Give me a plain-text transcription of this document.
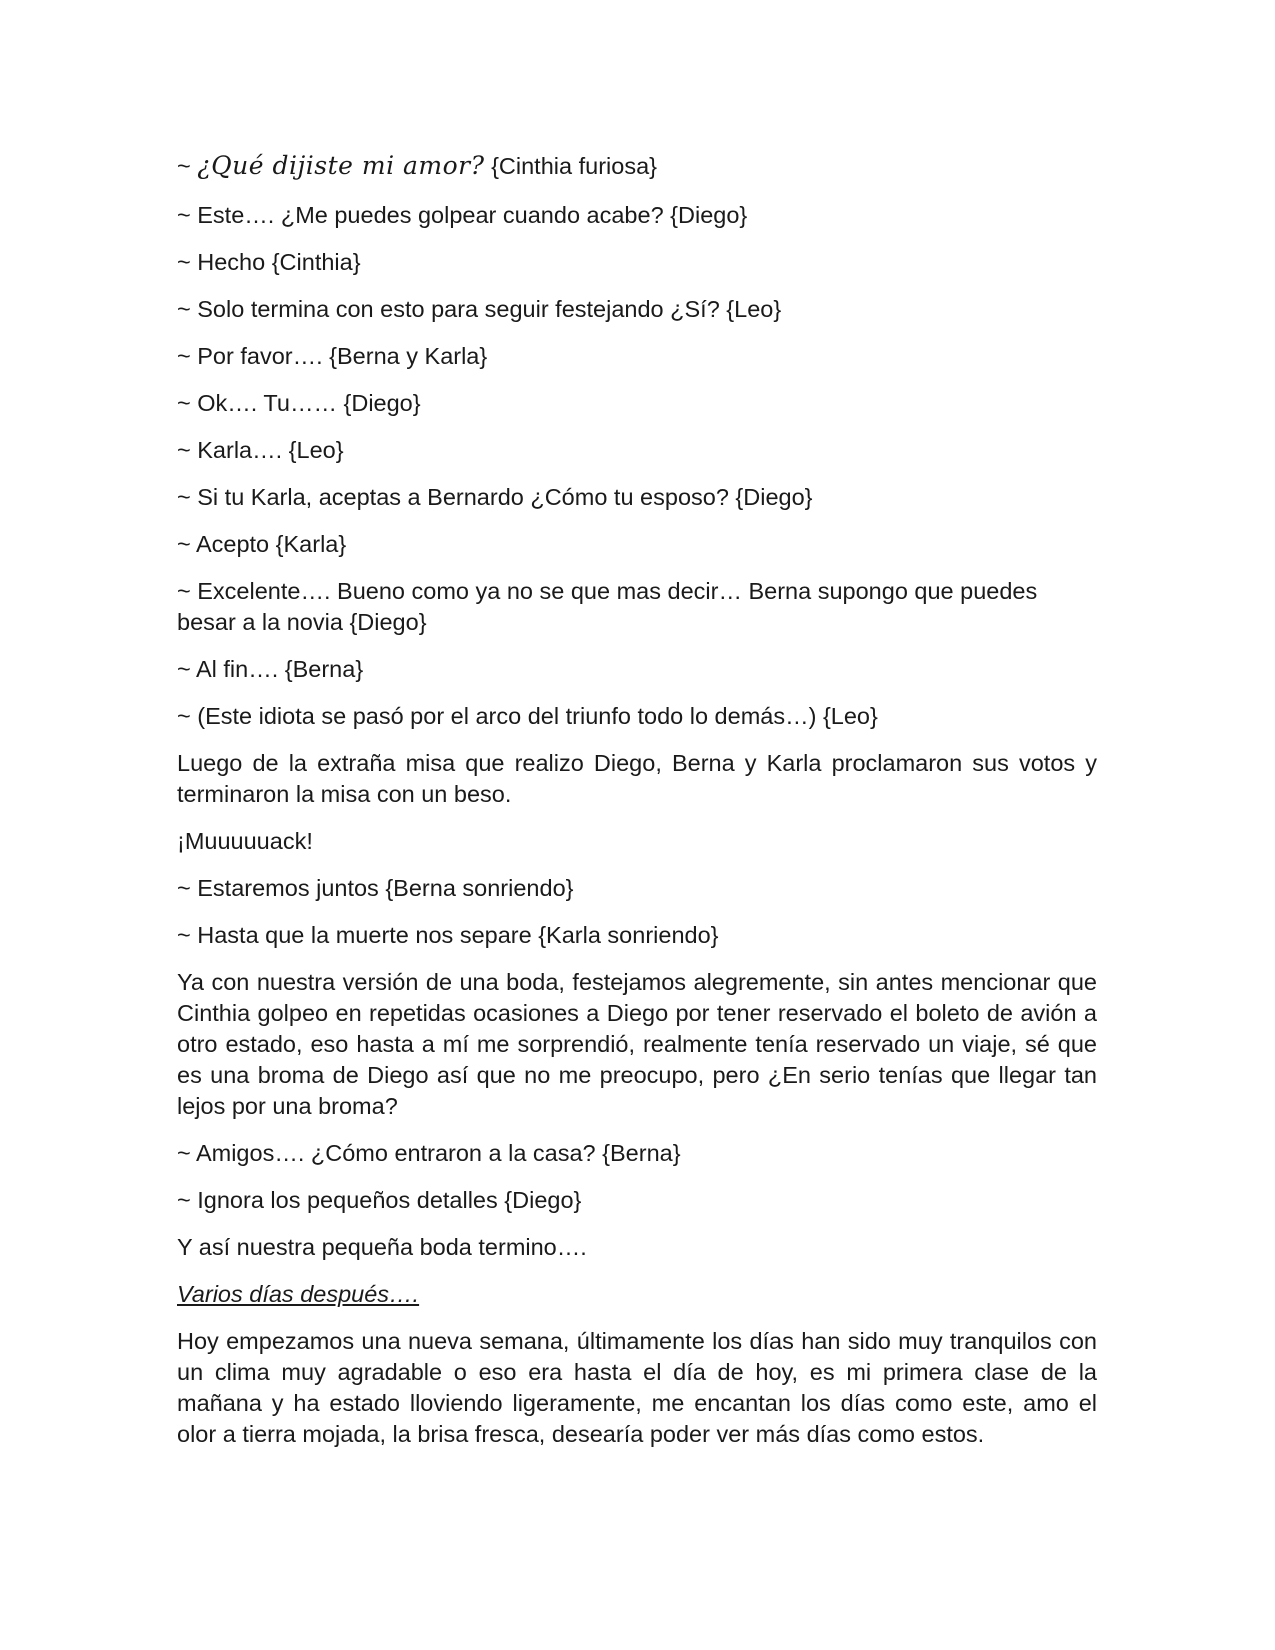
~ ¿Qué dijiste mi amor? {Cinthia furiosa}
~ Este…. ¿Me puedes golpear cuando acabe? {Diego}
~ Hecho {Cinthia}
~ Solo termina con esto para seguir festejando ¿Sí? {Leo}
~ Por favor…. {Berna y Karla}
~ Ok…. Tu…… {Diego}
~ Karla…. {Leo}
~ Si tu Karla, aceptas a Bernardo ¿Cómo tu esposo? {Diego}
~ Acepto {Karla}
~ Excelente…. Bueno como ya no se que mas decir… Berna supongo que puedes besar a la novia {Diego}
~ Al fin…. {Berna}
~ (Este idiota se pasó por el arco del triunfo todo lo demás…) {Leo}

Luego de la extraña misa que realizo Diego, Berna y Karla proclamaron sus votos y terminaron la misa con un beso.

¡Muuuuuack!

~ Estaremos juntos {Berna sonriendo}
~ Hasta que la muerte nos separe {Karla sonriendo}

Ya con nuestra versión de una boda, festejamos alegremente, sin antes mencionar que Cinthia golpeo en repetidas ocasiones a Diego por tener reservado el boleto de avión a otro estado, eso hasta a mí me sorprendió, realmente tenía reservado un viaje, sé que es una broma de Diego así que no me preocupo, pero ¿En serio tenías que llegar tan lejos por una broma?

~ Amigos…. ¿Cómo entraron a la casa? {Berna}
~ Ignora los pequeños detalles {Diego}

Y así nuestra pequeña boda termino….

Varios días después….

Hoy empezamos una nueva semana, últimamente los días han sido muy tranquilos con un clima muy agradable o eso era hasta el día de hoy, es mi primera clase de la mañana y ha estado lloviendo ligeramente, me encantan los días como este, amo el olor a tierra mojada, la brisa fresca, desearía poder ver más días como estos.
